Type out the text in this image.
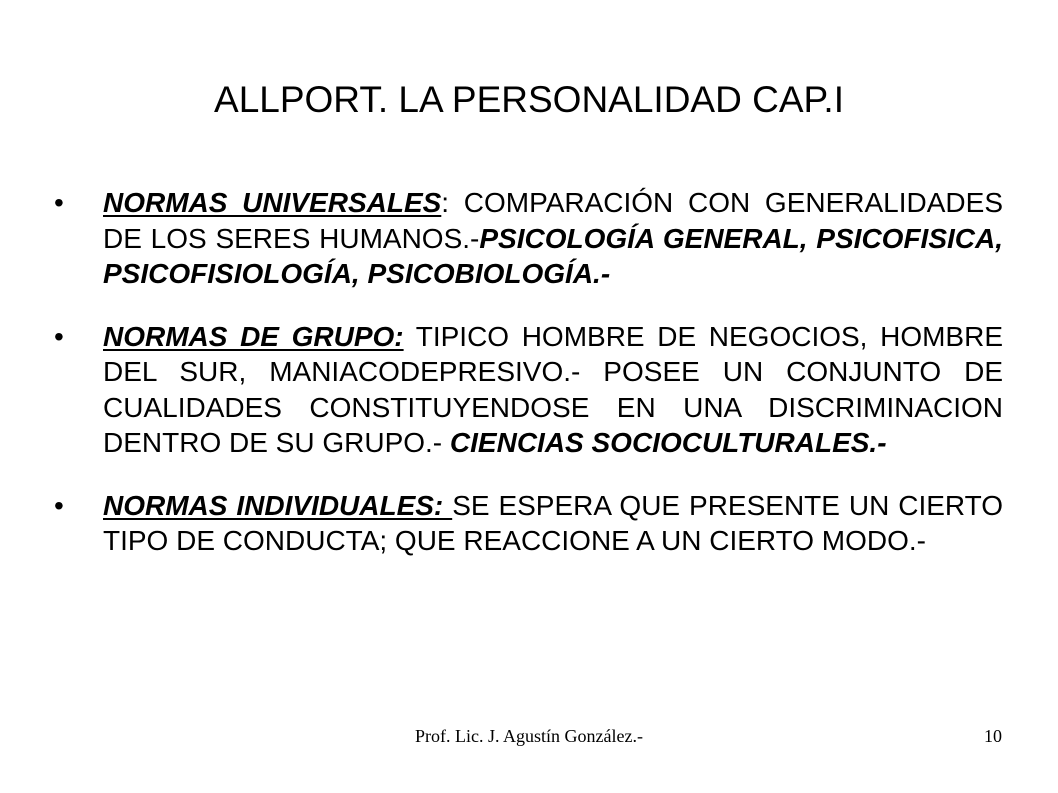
ALLPORT. LA PERSONALIDAD CAP.I
• NORMAS UNIVERSALES: COMPARACIÓN CON GENERALIDADES DE LOS SERES HUMANOS.-PSICOLOGÍA GENERAL, PSICOFISICA, PSICOFISIOLOGÍA, PSICOBIOLOGÍA.-
• NORMAS DE GRUPO: TIPICO HOMBRE DE NEGOCIOS, HOMBRE DEL SUR, MANIACODEPRESIVO.- POSEE UN CONJUNTO DE CUALIDADES CONSTITUYENDOSE EN UNA DISCRIMINACION DENTRO DE SU GRUPO.- CIENCIAS SOCIOCULTURALES.-
• NORMAS INDIVIDUALES: SE ESPERA QUE PRESENTE UN CIERTO TIPO DE CONDUCTA; QUE REACCIONE A UN CIERTO MODO.-
Prof. Lic. J. Agustín González.-	10
